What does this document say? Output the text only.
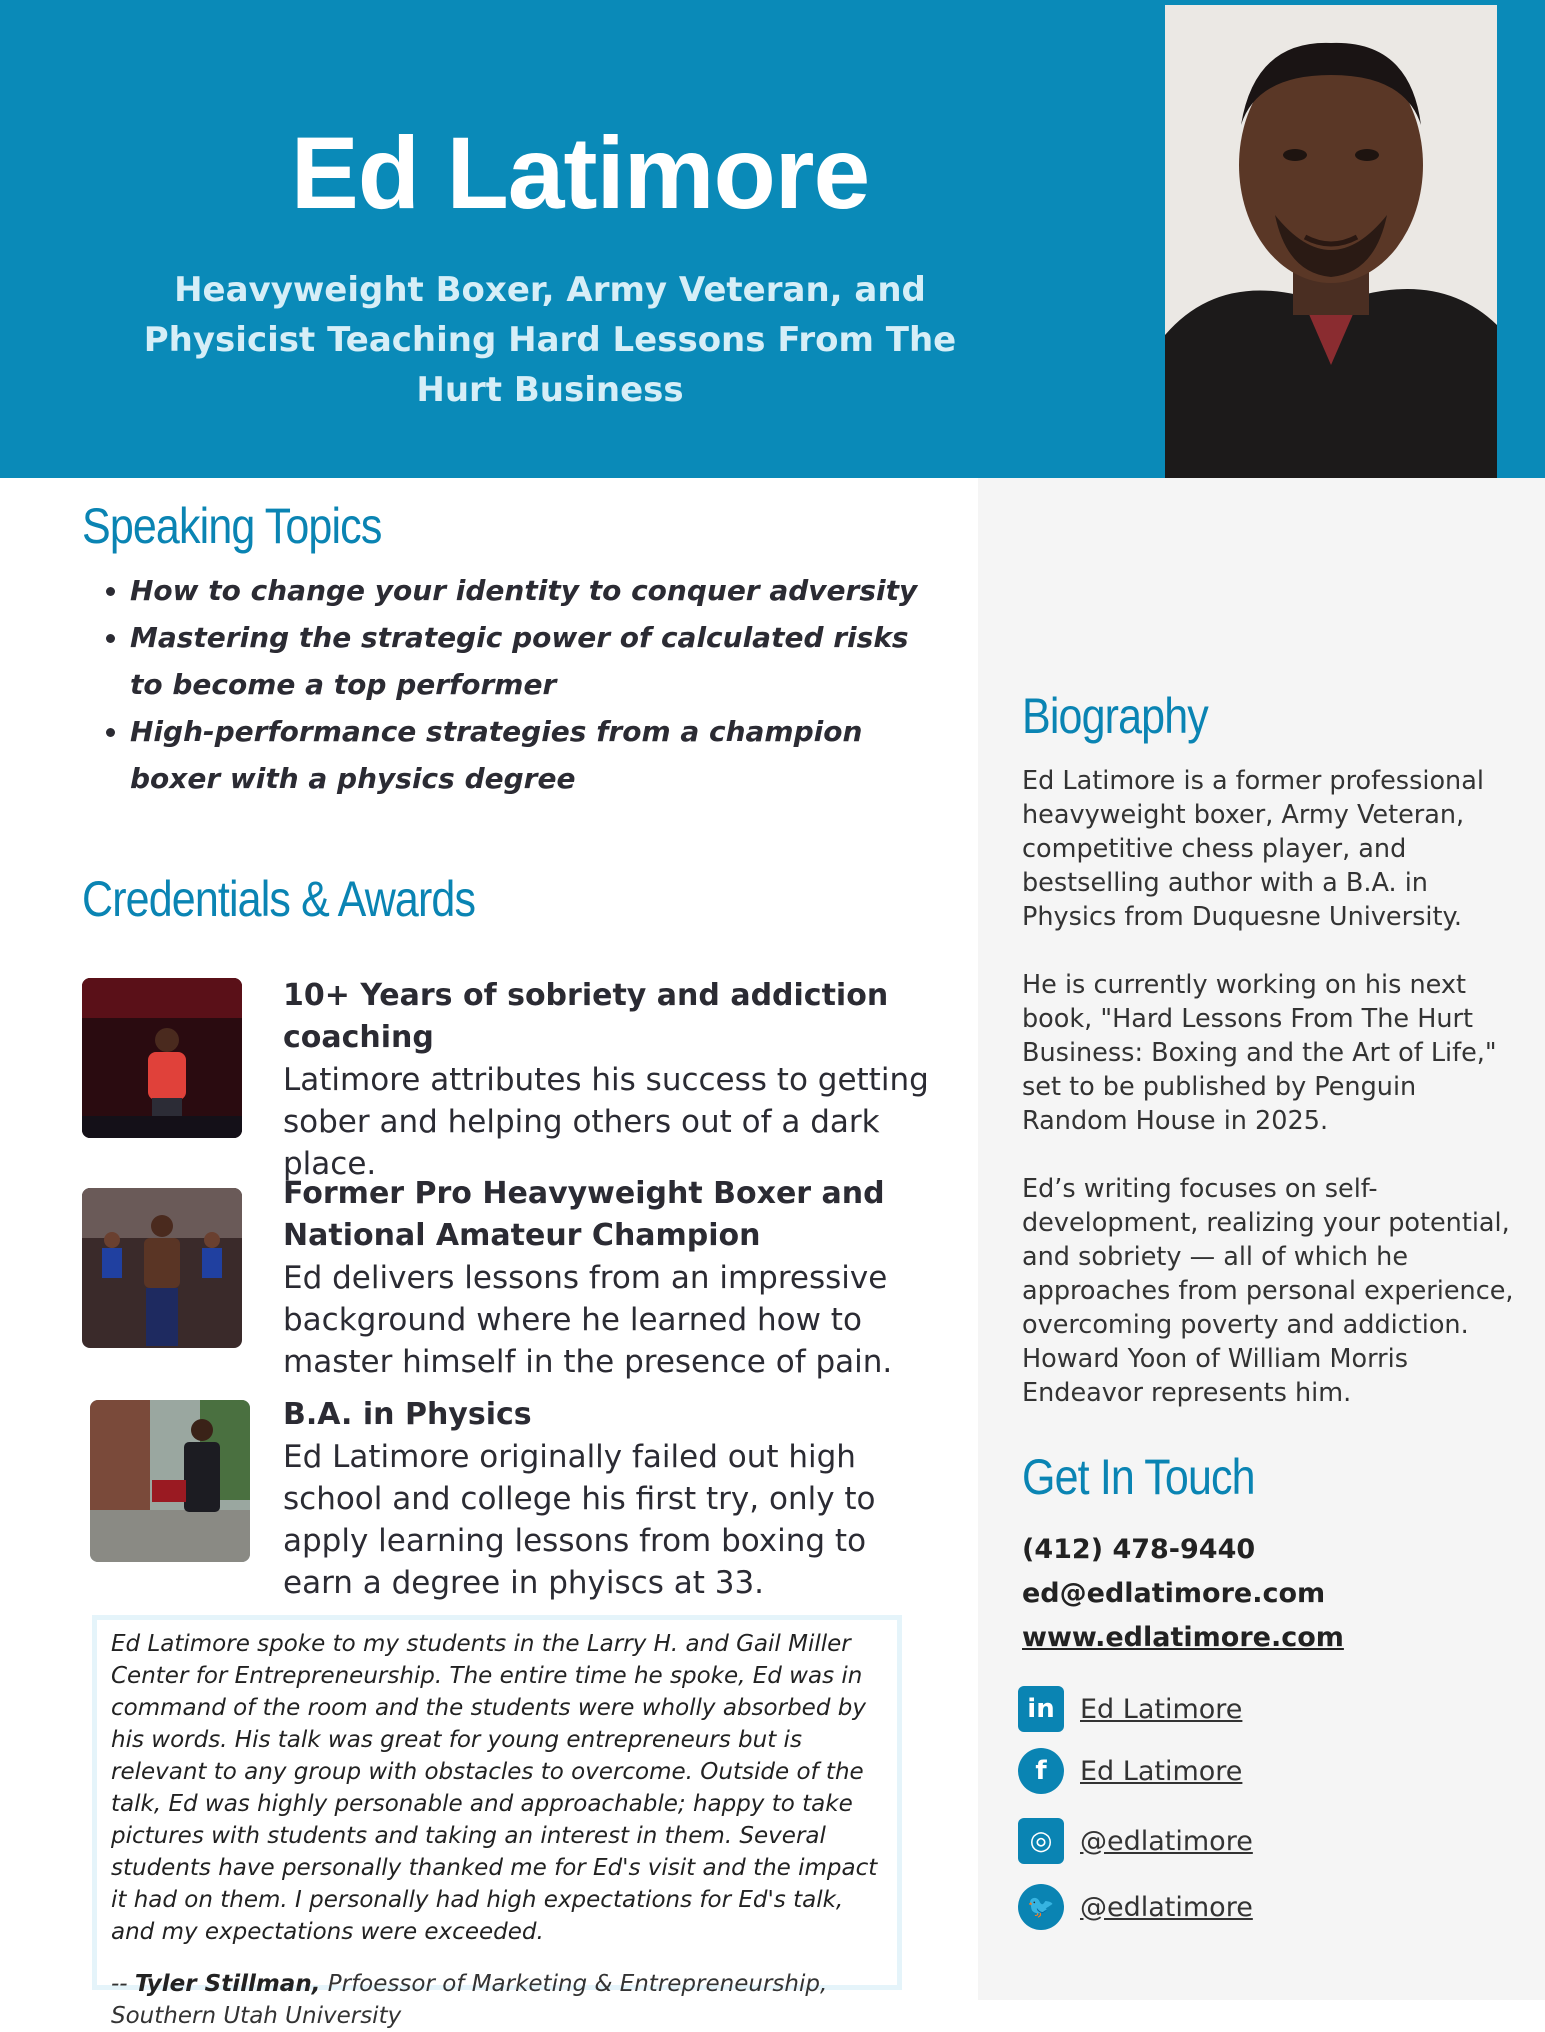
Ed Latimore
Heavyweight Boxer, Army Veteran, and Physicist Teaching Hard Lessons From The Hurt Business
Biography

Ed Latimore is a former professional heavyweight boxer, Army Veteran, competitive chess player, and bestselling author with a B.A. in Physics from Duquesne University.

He is currently working on his next book, "Hard Lessons From The Hurt Business: Boxing and the Art of Life," set to be published by Penguin Random House in 2025.

Ed’s writing focuses on self-development, realizing your potential, and sobriety — all of which he approaches from personal experience, overcoming poverty and addiction. Howard Yoon of William Morris Endeavor represents him.

Get In Touch
(412) 478-9440
ed@edlatimore.com
www.edlatimore.com
in Ed Latimore
f	Ed Latimore
◎	@edlatimore
🐦 @edlatimore
Speaking Topics
• How to change your identity to conquer adversity
• Mastering the strategic power of calculated risks to become a top performer
• High-performance strategies from a champion boxer with a physics degree
Credentials & Awards
10+ Years of sobriety and addiction coaching
Latimore attributes his success to getting sober and helping others out of a dark place.
Former Pro Heavyweight Boxer and National Amateur Champion
Ed delivers lessons from an impressive background where he learned how to master himself in the presence of pain.
B.A. in Physics
Ed Latimore originally failed out high school and college his first try, only to apply learning lessons from boxing to earn a degree in phyiscs at 33.
Ed Latimore spoke to my students in the Larry H. and Gail Miller Center for Entrepreneurship. The entire time he spoke, Ed was in command of the room and the students were wholly absorbed by his words. His talk was great for young entrepreneurs but is relevant to any group with obstacles to overcome. Outside of the talk, Ed was highly personable and approachable; happy to take pictures with students and taking an interest in them. Several students have personally thanked me for Ed's visit and the impact it had on them. I personally had high expectations for Ed's talk, and my expectations were exceeded.
-- Tyler Stillman, Prfoessor of Marketing & Entrepreneurship, Southern Utah University
